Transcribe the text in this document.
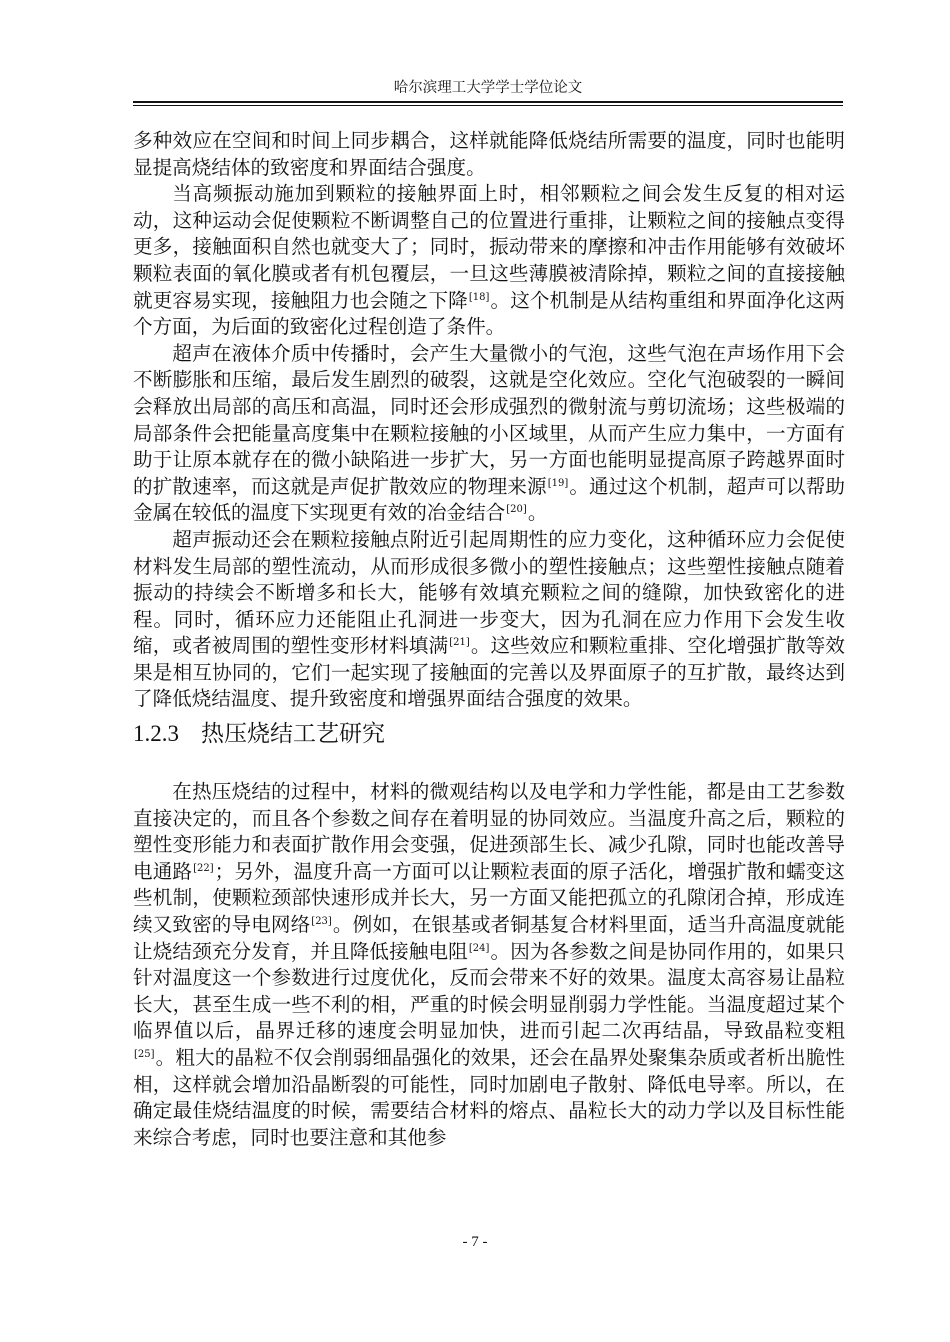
哈尔滨理工大学学士学位论文

多种效应在空间和时间上同步耦合，这样就能降低烧结所需要的温度，同时也能明显提高烧结体的致密度和界面结合强度。

当高频振动施加到颗粒的接触界面上时，相邻颗粒之间会发生反复的相对运动，这种运动会促使颗粒不断调整自己的位置进行重排，让颗粒之间的接触点变得更多，接触面积自然也就变大了；同时，振动带来的摩擦和冲击作用能够有效破坏颗粒表面的氧化膜或者有机包覆层，一旦这些薄膜被清除掉，颗粒之间的直接接触就更容易实现，接触阻力也会随之下降[18]。这个机制是从结构重组和界面净化这两个方面，为后面的致密化过程创造了条件。

超声在液体介质中传播时，会产生大量微小的气泡，这些气泡在声场作用下会不断膨胀和压缩，最后发生剧烈的破裂，这就是空化效应。空化气泡破裂的一瞬间会释放出局部的高压和高温，同时还会形成强烈的微射流与剪切流场；这些极端的局部条件会把能量高度集中在颗粒接触的小区域里，从而产生应力集中，一方面有助于让原本就存在的微小缺陷进一步扩大，另一方面也能明显提高原子跨越界面时的扩散速率，而这就是声促扩散效应的物理来源[19]。通过这个机制，超声可以帮助金属在较低的温度下实现更有效的冶金结合[20]。

超声振动还会在颗粒接触点附近引起周期性的应力变化，这种循环应力会促使材料发生局部的塑性流动，从而形成很多微小的塑性接触点；这些塑性接触点随着振动的持续会不断增多和长大，能够有效填充颗粒之间的缝隙，加快致密化的进程。同时，循环应力还能阻止孔洞进一步变大，因为孔洞在应力作用下会发生收缩，或者被周围的塑性变形材料填满[21]。这些效应和颗粒重排、空化增强扩散等效果是相互协同的，它们一起实现了接触面的完善以及界面原子的互扩散，最终达到了降低烧结温度、提升致密度和增强界面结合强度的效果。

1.2.3 热压烧结工艺研究

在热压烧结的过程中，材料的微观结构以及电学和力学性能，都是由工艺参数直接决定的，而且各个参数之间存在着明显的协同效应。当温度升高之后，颗粒的塑性变形能力和表面扩散作用会变强，促进颈部生长、减少孔隙，同时也能改善导电通路[22]；另外，温度升高一方面可以让颗粒表面的原子活化，增强扩散和蠕变这些机制，使颗粒颈部快速形成并长大，另一方面又能把孤立的孔隙闭合掉，形成连续又致密的导电网络[23]。例如，在银基或者铜基复合材料里面，适当升高温度就能让烧结颈充分发育，并且降低接触电阻[24]。因为各参数之间是协同作用的，如果只针对温度这一个参数进行过度优化，反而会带来不好的效果。温度太高容易让晶粒长大，甚至生成一些不利的相，严重的时候会明显削弱力学性能。当温度超过某个临界值以后，晶界迁移的速度会明显加快，进而引起二次再结晶，导致晶粒变粗[25]。粗大的晶粒不仅会削弱细晶强化的效果，还会在晶界处聚集杂质或者析出脆性相，这样就会增加沿晶断裂的可能性，同时加剧电子散射、降低电导率。所以，在确定最佳烧结温度的时候，需要结合材料的熔点、晶粒长大的动力学以及目标性能来综合考虑，同时也要注意和其他参

- 7 -
